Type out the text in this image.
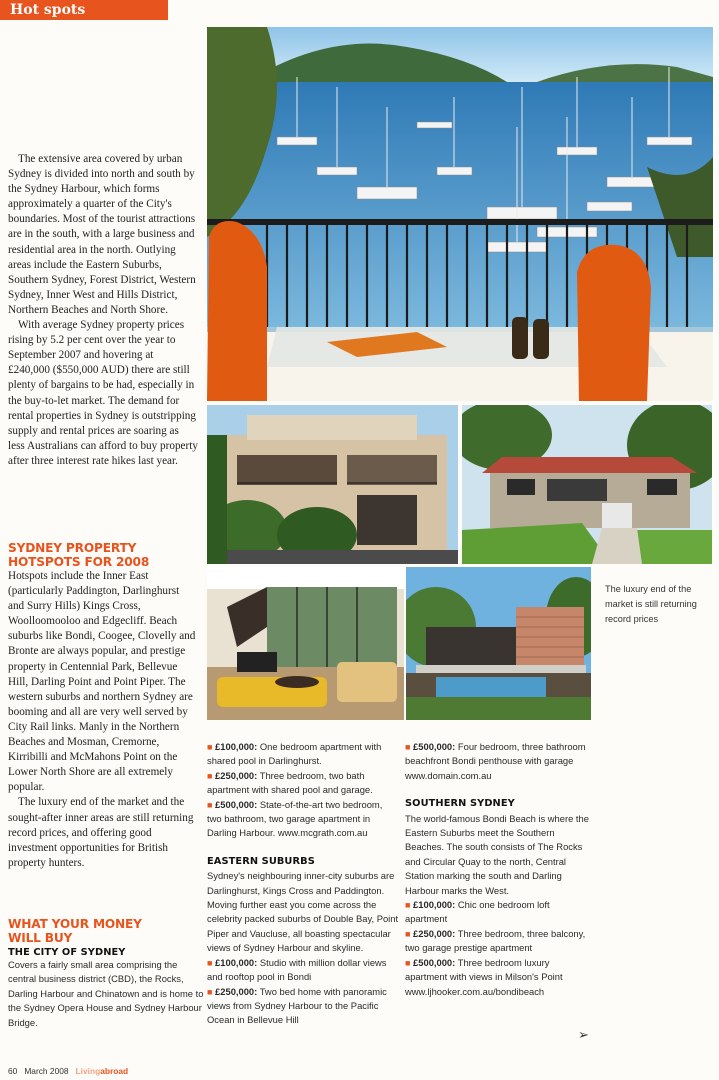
Hot spots

The extensive area covered by urban Sydney is divided into north and south by the Sydney Harbour, which forms approximately a quarter of the City's boundaries. Most of the tourist attractions are in the south, with a large business and residential area in the north. Outlying areas include the Eastern Suburbs, Southern Sydney, Forest District, Western Sydney, Inner West and Hills District, Northern Beaches and North Shore.

With average Sydney property prices rising by 5.2 per cent over the year to September 2007 and hovering at £240,000 ($550,000 AUD) there are still plenty of bargains to be had, especially in the buy-to-let market. The demand for rental properties in Sydney is outstripping supply and rental prices are soaring as less Australians can afford to buy property after three interest rate hikes last year.

SYDNEY PROPERTY HOTSPOTS FOR 2008

Hotspots include the Inner East (particularly Paddington, Darlinghurst and Surry Hills) Kings Cross, Woolloomooloo and Edgecliff. Beach suburbs like Bondi, Coogee, Clovelly and Bronte are always popular, and prestige property in Centennial Park, Bellevue Hill, Darling Point and Point Piper. The western suburbs and northern Sydney are booming and all are very well served by City Rail links. Manly in the Northern Beaches and Mosman, Cremorne, Kirribilli and McMahons Point on the Lower North Shore are all extremely popular.

The luxury end of the market and the sought-after inner areas are still returning record prices, and offering good investment opportunities for British property hunters.

WHAT YOUR MONEY WILL BUY
THE CITY OF SYDNEY
Covers a fairly small area comprising the central business district (CBD), the Rocks, Darling Harbour and Chinatown and is home to the Sydney Opera House and Sydney Harbour Bridge.
The luxury end of the market is still returning record prices
■ £100,000: One bedroom apartment with shared pool in Darlinghurst.
■ £250,000: Three bedroom, two bath apartment with shared pool and garage.
■ £500,000: State-of-the-art two bedroom, two bathroom, two garage apartment in Darling Harbour. www.mcgrath.com.au
EASTERN SUBURBS
Sydney's neighbouring inner-city suburbs are Darlinghurst, Kings Cross and Paddington. Moving further east you come across the celebrity packed suburbs of Double Bay, Point Piper and Vaucluse, all boasting spectacular views of Sydney Harbour and skyline.
■ £100,000: Studio with million dollar views and rooftop pool in Bondi
■ £250,000: Two bed home with panoramic views from Sydney Harbour to the Pacific Ocean in Bellevue Hill
■ £500,000: Four bedroom, three bathroom beachfront Bondi penthouse with garage
www.domain.com.au
SOUTHERN SYDNEY
The world-famous Bondi Beach is where the Eastern Suburbs meet the Southern Beaches. The south consists of The Rocks and Circular Quay to the north, Central Station marking the south and Darling Harbour marks the West.
■ £100,000: Chic one bedroom loft apartment
■ £250,000: Three bedroom, three balcony, two garage prestige apartment
■ £500,000: Three bedroom luxury apartment with views in Milson's Point
www.ljhooker.com.au/bondibeach
➢
60 March 2008 Livingabroad
